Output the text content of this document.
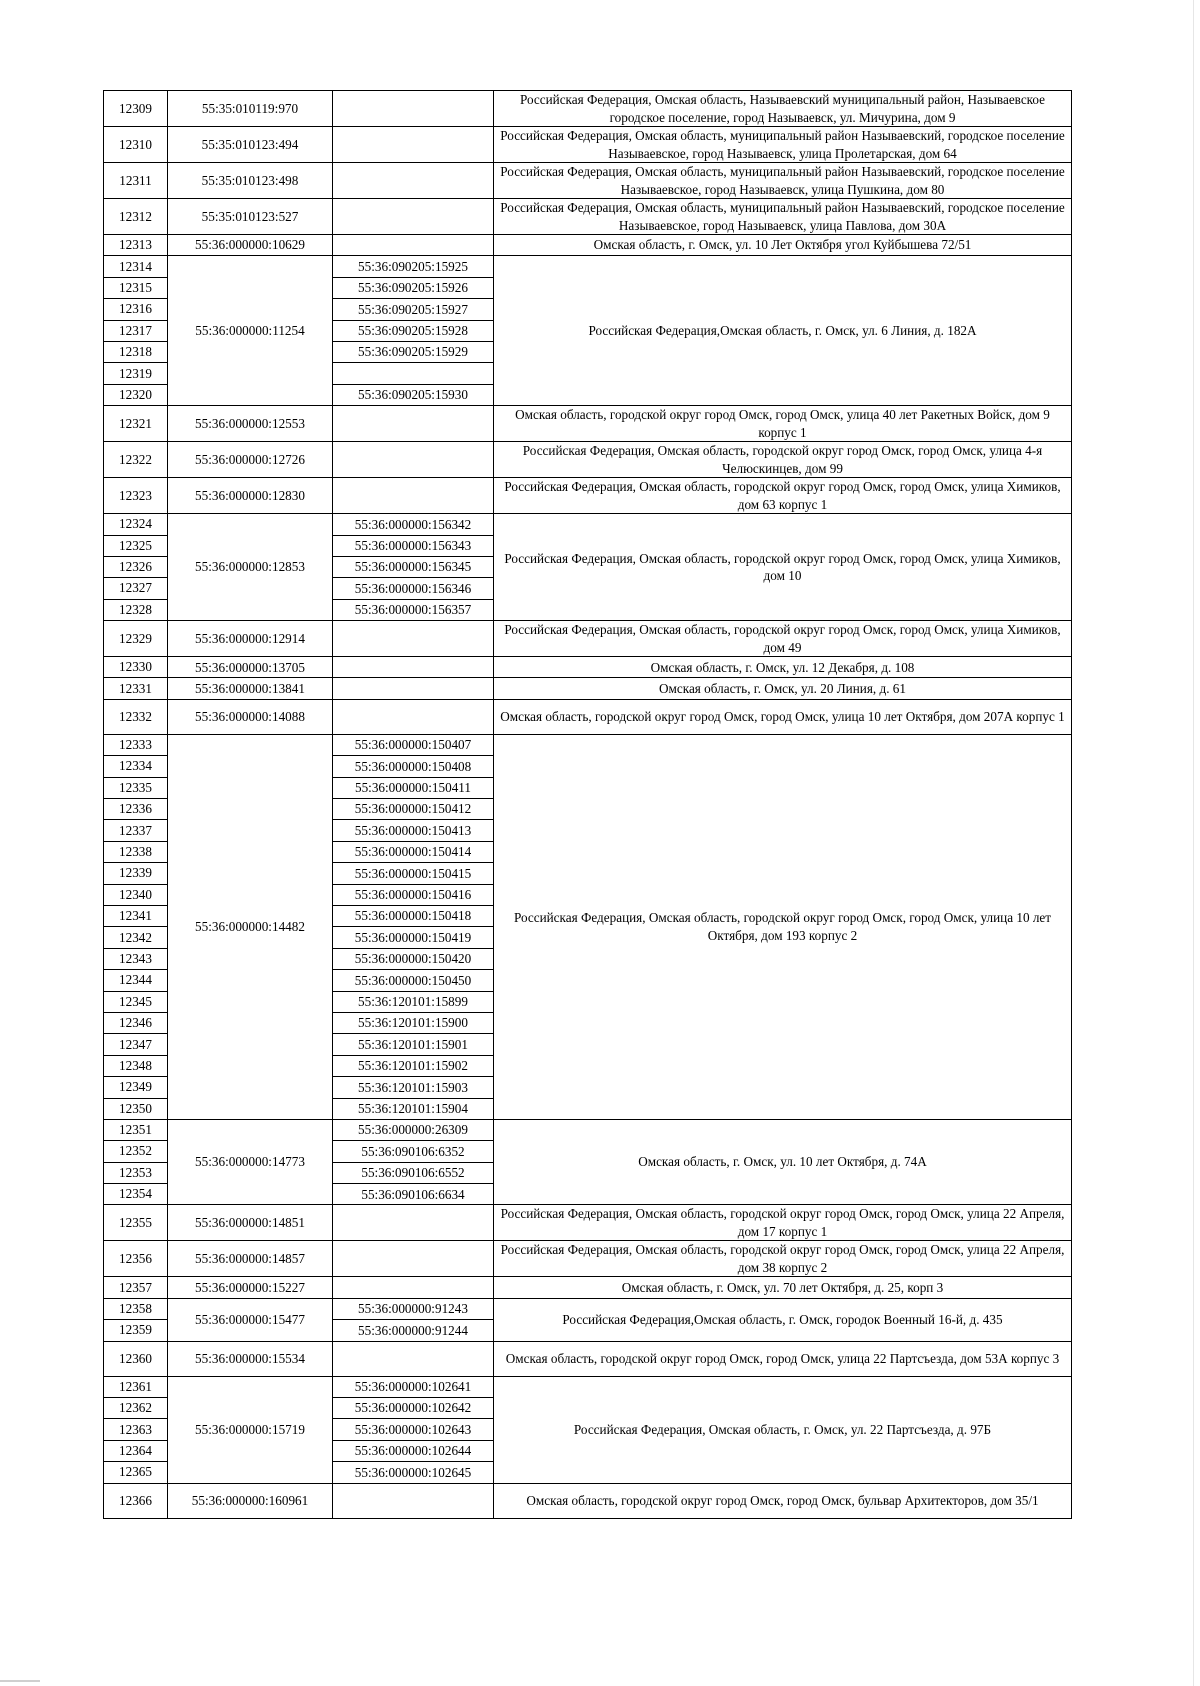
12309	55:35:010119:970		Российская Федерация, Омская область, Называевский муниципальный район, Называевское городское поселение, город Называевск, ул. Мичурина, дом 9
12310	55:35:010123:494		Российская Федерация, Омская область, муниципальный район Называевский, городское поселение Называевское, город Называевск, улица Пролетарская, дом 64
12311	55:35:010123:498		Российская Федерация, Омская область, муниципальный район Называевский, городское поселение Называевское, город Называевск, улица Пушкина, дом 80
12312	55:35:010123:527		Российская Федерация, Омская область, муниципальный район Называевский, городское поселение Называевское, город Называевск, улица Павлова, дом 30А
12313	55:36:000000:10629		Омская область, г. Омск, ул. 10 Лет Октября угол Куйбышева 72/51
12314	55:36:000000:11254	55:36:090205:15925	Российская Федерация,Омская область, г. Омск, ул. 6 Линия, д. 182А
12315		55:36:090205:15926	
12316		55:36:090205:15927	
12317		55:36:090205:15928	
12318		55:36:090205:15929	
12319			
12320		55:36:090205:15930	
12321	55:36:000000:12553		Омская область, городской округ город Омск, город Омск, улица 40 лет Ракетных Войск, дом 9 корпус 1
12322	55:36:000000:12726		Российская Федерация, Омская область, городской округ город Омск, город Омск, улица 4-я Челюскинцев, дом 99
12323	55:36:000000:12830		Российская Федерация, Омская область, городской округ город Омск, город Омск, улица Химиков, дом 63 корпус 1
12324	55:36:000000:12853	55:36:000000:156342	Российская Федерация, Омская область, городской округ город Омск, город Омск, улица Химиков, дом 10
12325		55:36:000000:156343	
12326		55:36:000000:156345	
12327		55:36:000000:156346	
12328		55:36:000000:156357	
12329	55:36:000000:12914		Российская Федерация, Омская область, городской округ город Омск, город Омск, улица Химиков, дом 49
12330	55:36:000000:13705		Омская область, г. Омск, ул. 12 Декабря, д. 108
12331	55:36:000000:13841		Омская область, г. Омск, ул. 20 Линия, д. 61
12332	55:36:000000:14088		Омская область, городской округ город Омск, город Омск, улица 10 лет Октября, дом 207А корпус 1
12333	55:36:000000:14482	55:36:000000:150407	Российская Федерация, Омская область, городской округ город Омск, город Омск, улица 10 лет Октября, дом 193 корпус 2
12334		55:36:000000:150408	
12335		55:36:000000:150411	
12336		55:36:000000:150412	
12337		55:36:000000:150413	
12338		55:36:000000:150414	
12339		55:36:000000:150415	
12340		55:36:000000:150416	
12341		55:36:000000:150418	
12342		55:36:000000:150419	
12343		55:36:000000:150420	
12344		55:36:000000:150450	
12345		55:36:120101:15899	
12346		55:36:120101:15900	
12347		55:36:120101:15901	
12348		55:36:120101:15902	
12349		55:36:120101:15903	
12350		55:36:120101:15904	
12351	55:36:000000:14773	55:36:000000:26309	Омская область, г. Омск, ул. 10 лет Октября, д. 74А
12352		55:36:090106:6352	
12353		55:36:090106:6552	
12354		55:36:090106:6634	
12355	55:36:000000:14851		Российская Федерация, Омская область, городской округ город Омск, город Омск, улица 22 Апреля, дом 17 корпус 1
12356	55:36:000000:14857		Российская Федерация, Омская область, городской округ город Омск, город Омск, улица 22 Апреля, дом 38 корпус 2
12357	55:36:000000:15227		Омская область, г. Омск, ул. 70 лет Октября, д. 25, корп 3
12358	55:36:000000:15477	55:36:000000:91243	Российская Федерация,Омская область, г. Омск, городок Военный 16-й, д. 435
12359		55:36:000000:91244	
12360	55:36:000000:15534		Омская область, городской округ город Омск, город Омск, улица 22 Партсъезда, дом 53А корпус 3
12361	55:36:000000:15719	55:36:000000:102641	Российская Федерация, Омская область, г. Омск, ул. 22 Партсъезда, д. 97Б
12362		55:36:000000:102642	
12363		55:36:000000:102643	
12364		55:36:000000:102644	
12365		55:36:000000:102645	
12366	55:36:000000:160961		Омская область, городской округ город Омск, город Омск, бульвар Архитекторов, дом 35/1
